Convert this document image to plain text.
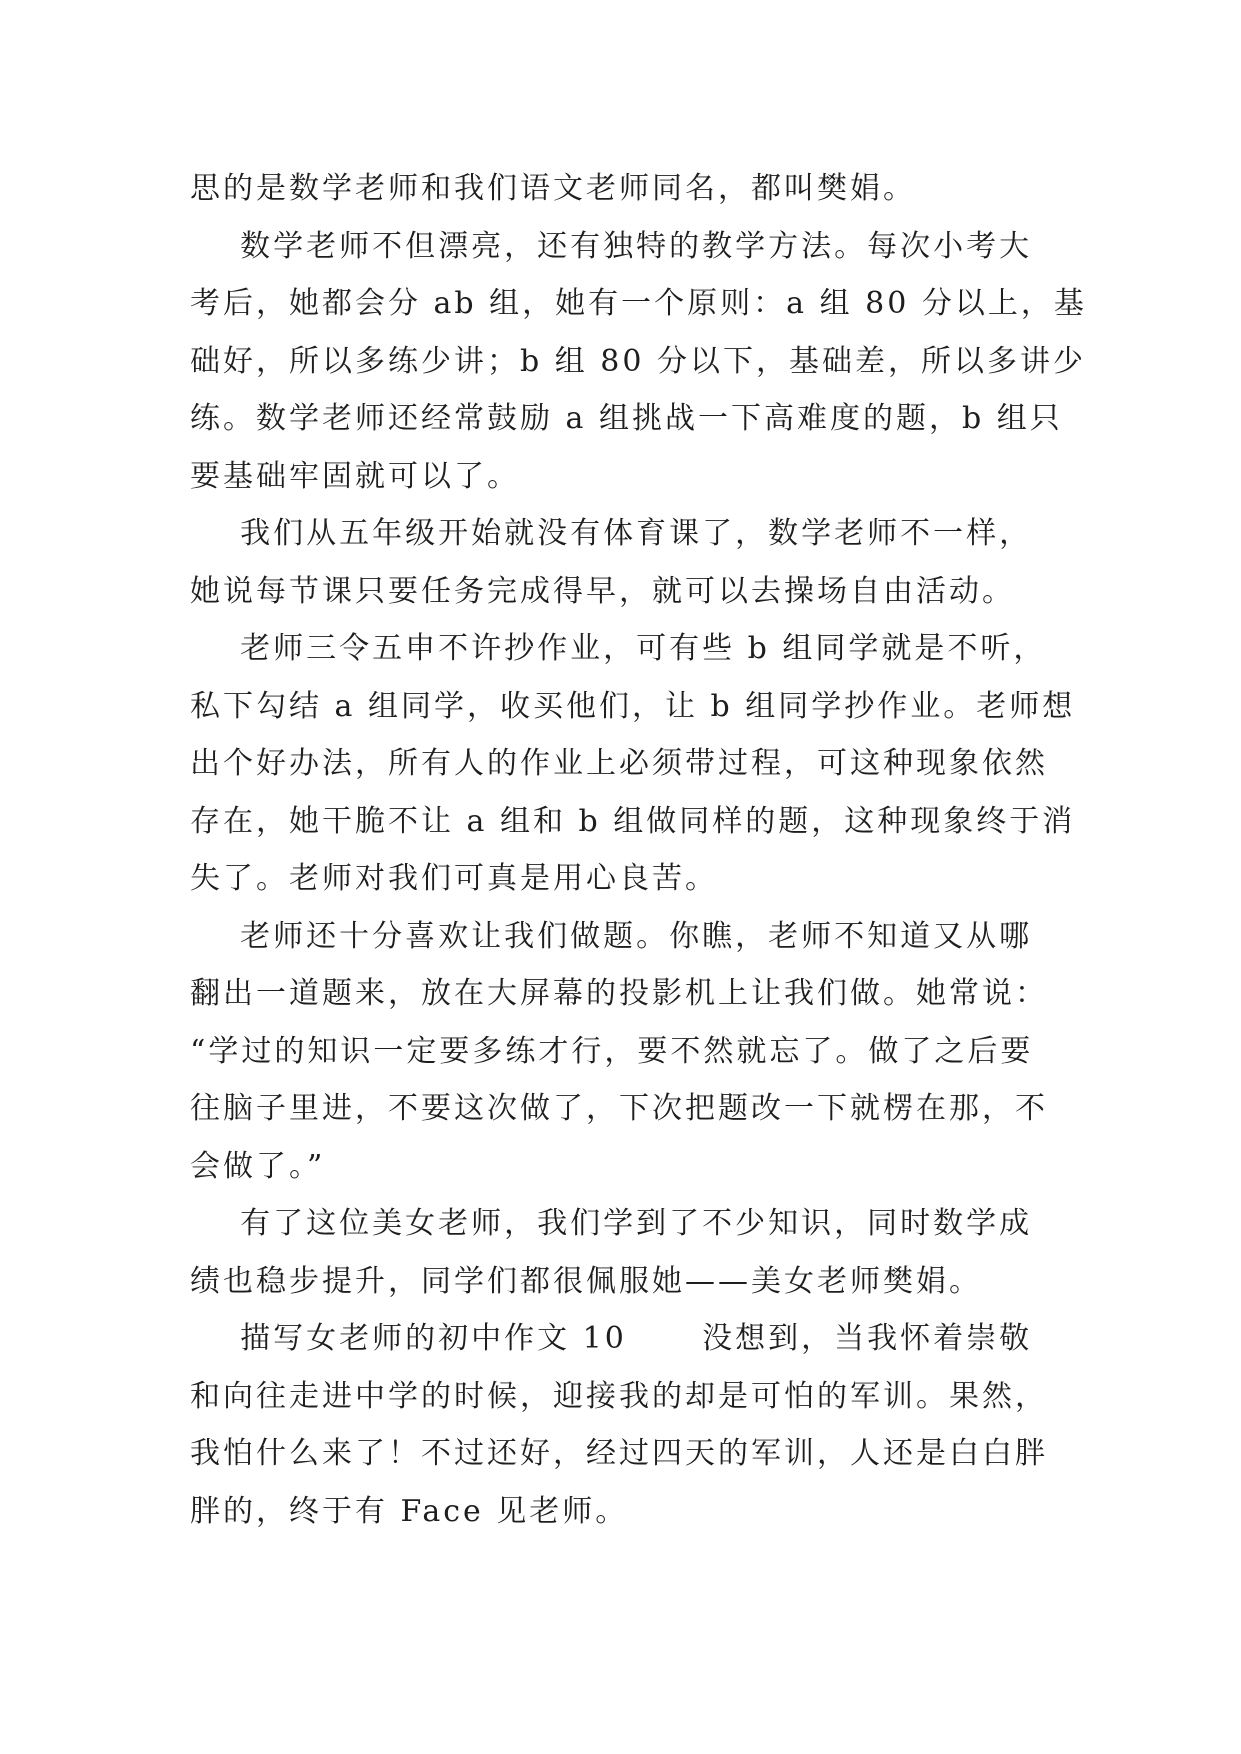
思的是数学老师和我们语文老师同名，都叫樊娟。
数学老师不但漂亮，还有独特的教学方法。每次小考大
考后，她都会分 ab 组，她有一个原则：a 组 80 分以上，基
础好，所以多练少讲；b 组 80 分以下，基础差，所以多讲少
练。数学老师还经常鼓励 a 组挑战一下高难度的题，b 组只
要基础牢固就可以了。
我们从五年级开始就没有体育课了，数学老师不一样，
她说每节课只要任务完成得早，就可以去操场自由活动。
老师三令五申不许抄作业，可有些 b 组同学就是不听，
私下勾结 a 组同学，收买他们，让 b 组同学抄作业。老师想
出个好办法，所有人的作业上必须带过程，可这种现象依然
存在，她干脆不让 a 组和 b 组做同样的题，这种现象终于消
失了。老师对我们可真是用心良苦。
老师还十分喜欢让我们做题。你瞧，老师不知道又从哪
翻出一道题来，放在大屏幕的投影机上让我们做。她常说：
“学过的知识一定要多练才行，要不然就忘了。做了之后要
往脑子里进，不要这次做了，下次把题改一下就楞在那，不
会做了。”
有了这位美女老师，我们学到了不少知识，同时数学成
绩也稳步提升，同学们都很佩服她——美女老师樊娟。
描写女老师的初中作文 10      没想到，当我怀着崇敬
和向往走进中学的时候，迎接我的却是可怕的军训。果然，
我怕什么来了！不过还好，经过四天的军训，人还是白白胖
胖的，终于有 Face 见老师。
